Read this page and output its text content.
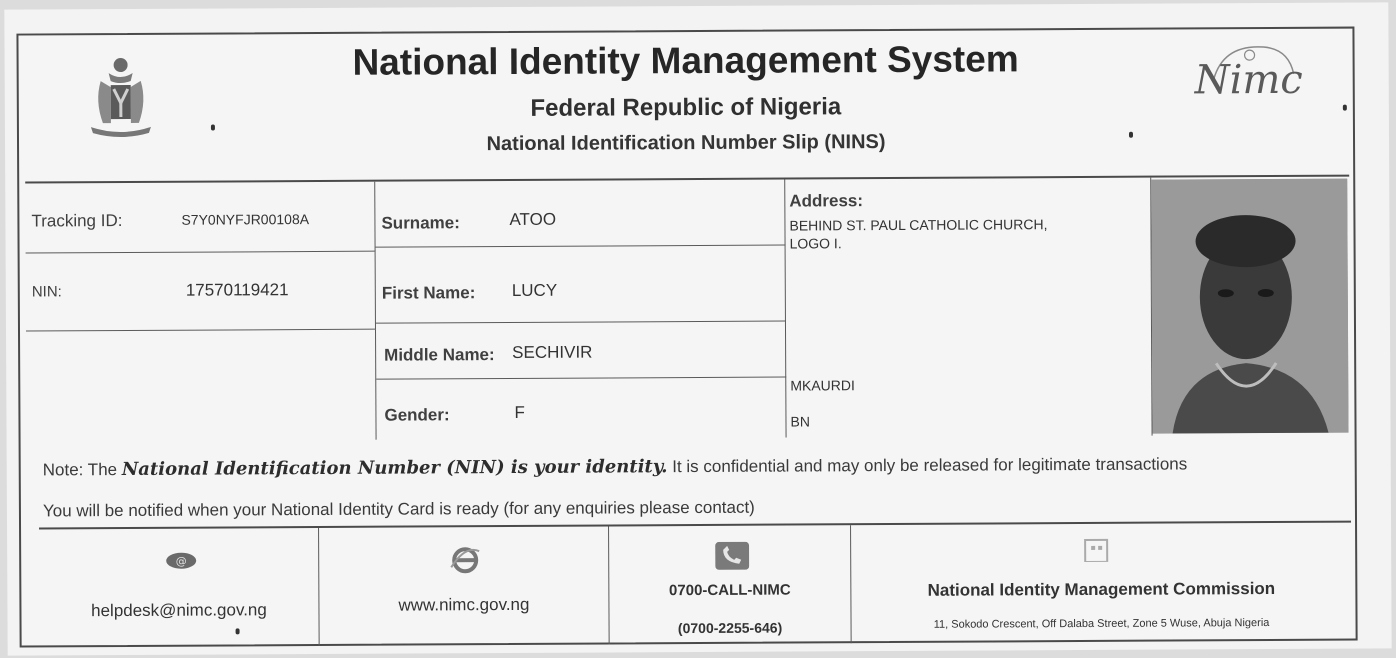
National Identity Management System
Federal Republic of Nigeria
National Identification Number Slip (NINS)
Nimc
Tracking ID:	S7Y0NYFJR00108A
NIN:	17570119421
Surname:	ATOO
First Name: LUCY
Middle Name: SECHIVIR
Gender:	F
Address:
BEHIND ST. PAUL CATHOLIC CHURCH,
LOGO I.
MKAURDI
BN
Note: The National Identification Number (NIN) is your identity. It is confidential and may only be released for legitimate transactions
You will be notified when your National Identity Card is ready (for any enquiries please contact)
@
helpdesk@nimc.gov.ng	www.nimc.gov.ng
0700-CALL-NIMC
(0700-2255-646)
National Identity Management Commission
11, Sokodo Crescent, Off Dalaba Street, Zone 5 Wuse, Abuja Nigeria
